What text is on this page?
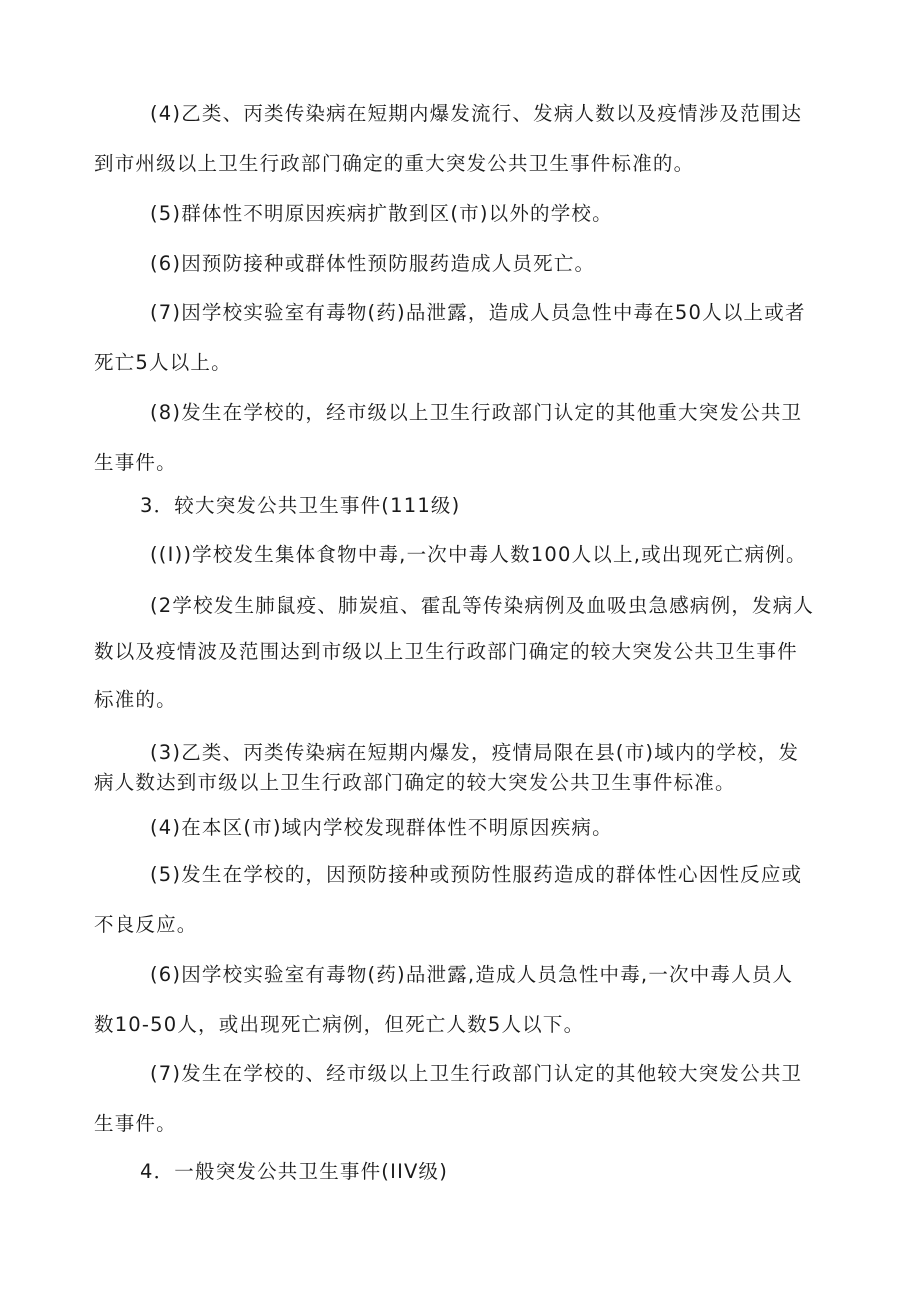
(4)乙类、丙类传染病在短期内爆发流行、发病人数以及疫情涉及范围达
到市州级以上卫生行政部门确定的重大突发公共卫生事件标准的。
(5)群体性不明原因疾病扩散到区(市)以外的学校。
(6)因预防接种或群体性预防服药造成人员死亡。
(7)因学校实验室有毒物(药)品泄露，造成人员急性中毒在50人以上或者
死亡5人以上。
(8)发生在学校的，经市级以上卫生行政部门认定的其他重大突发公共卫
生事件。
3．较大突发公共卫生事件(111级)
((I))学校发生集体食物中毒,一次中毒人数100人以上,或出现死亡病例。
(2学校发生肺鼠疫、肺炭疽、霍乱等传染病例及血吸虫急感病例，发病人
数以及疫情波及范围达到市级以上卫生行政部门确定的较大突发公共卫生事件
标准的。
(3)乙类、丙类传染病在短期内爆发，疫情局限在县(市)域内的学校，发
病人数达到市级以上卫生行政部门确定的较大突发公共卫生事件标准。
(4)在本区(市)域内学校发现群体性不明原因疾病。
(5)发生在学校的，因预防接种或预防性服药造成的群体性心因性反应或
不良反应。
(6)因学校实验室有毒物(药)品泄露,造成人员急性中毒,一次中毒人员人
数10-50人，或出现死亡病例，但死亡人数5人以下。
(7)发生在学校的、经市级以上卫生行政部门认定的其他较大突发公共卫
生事件。
4．一般突发公共卫生事件(IIV级)
